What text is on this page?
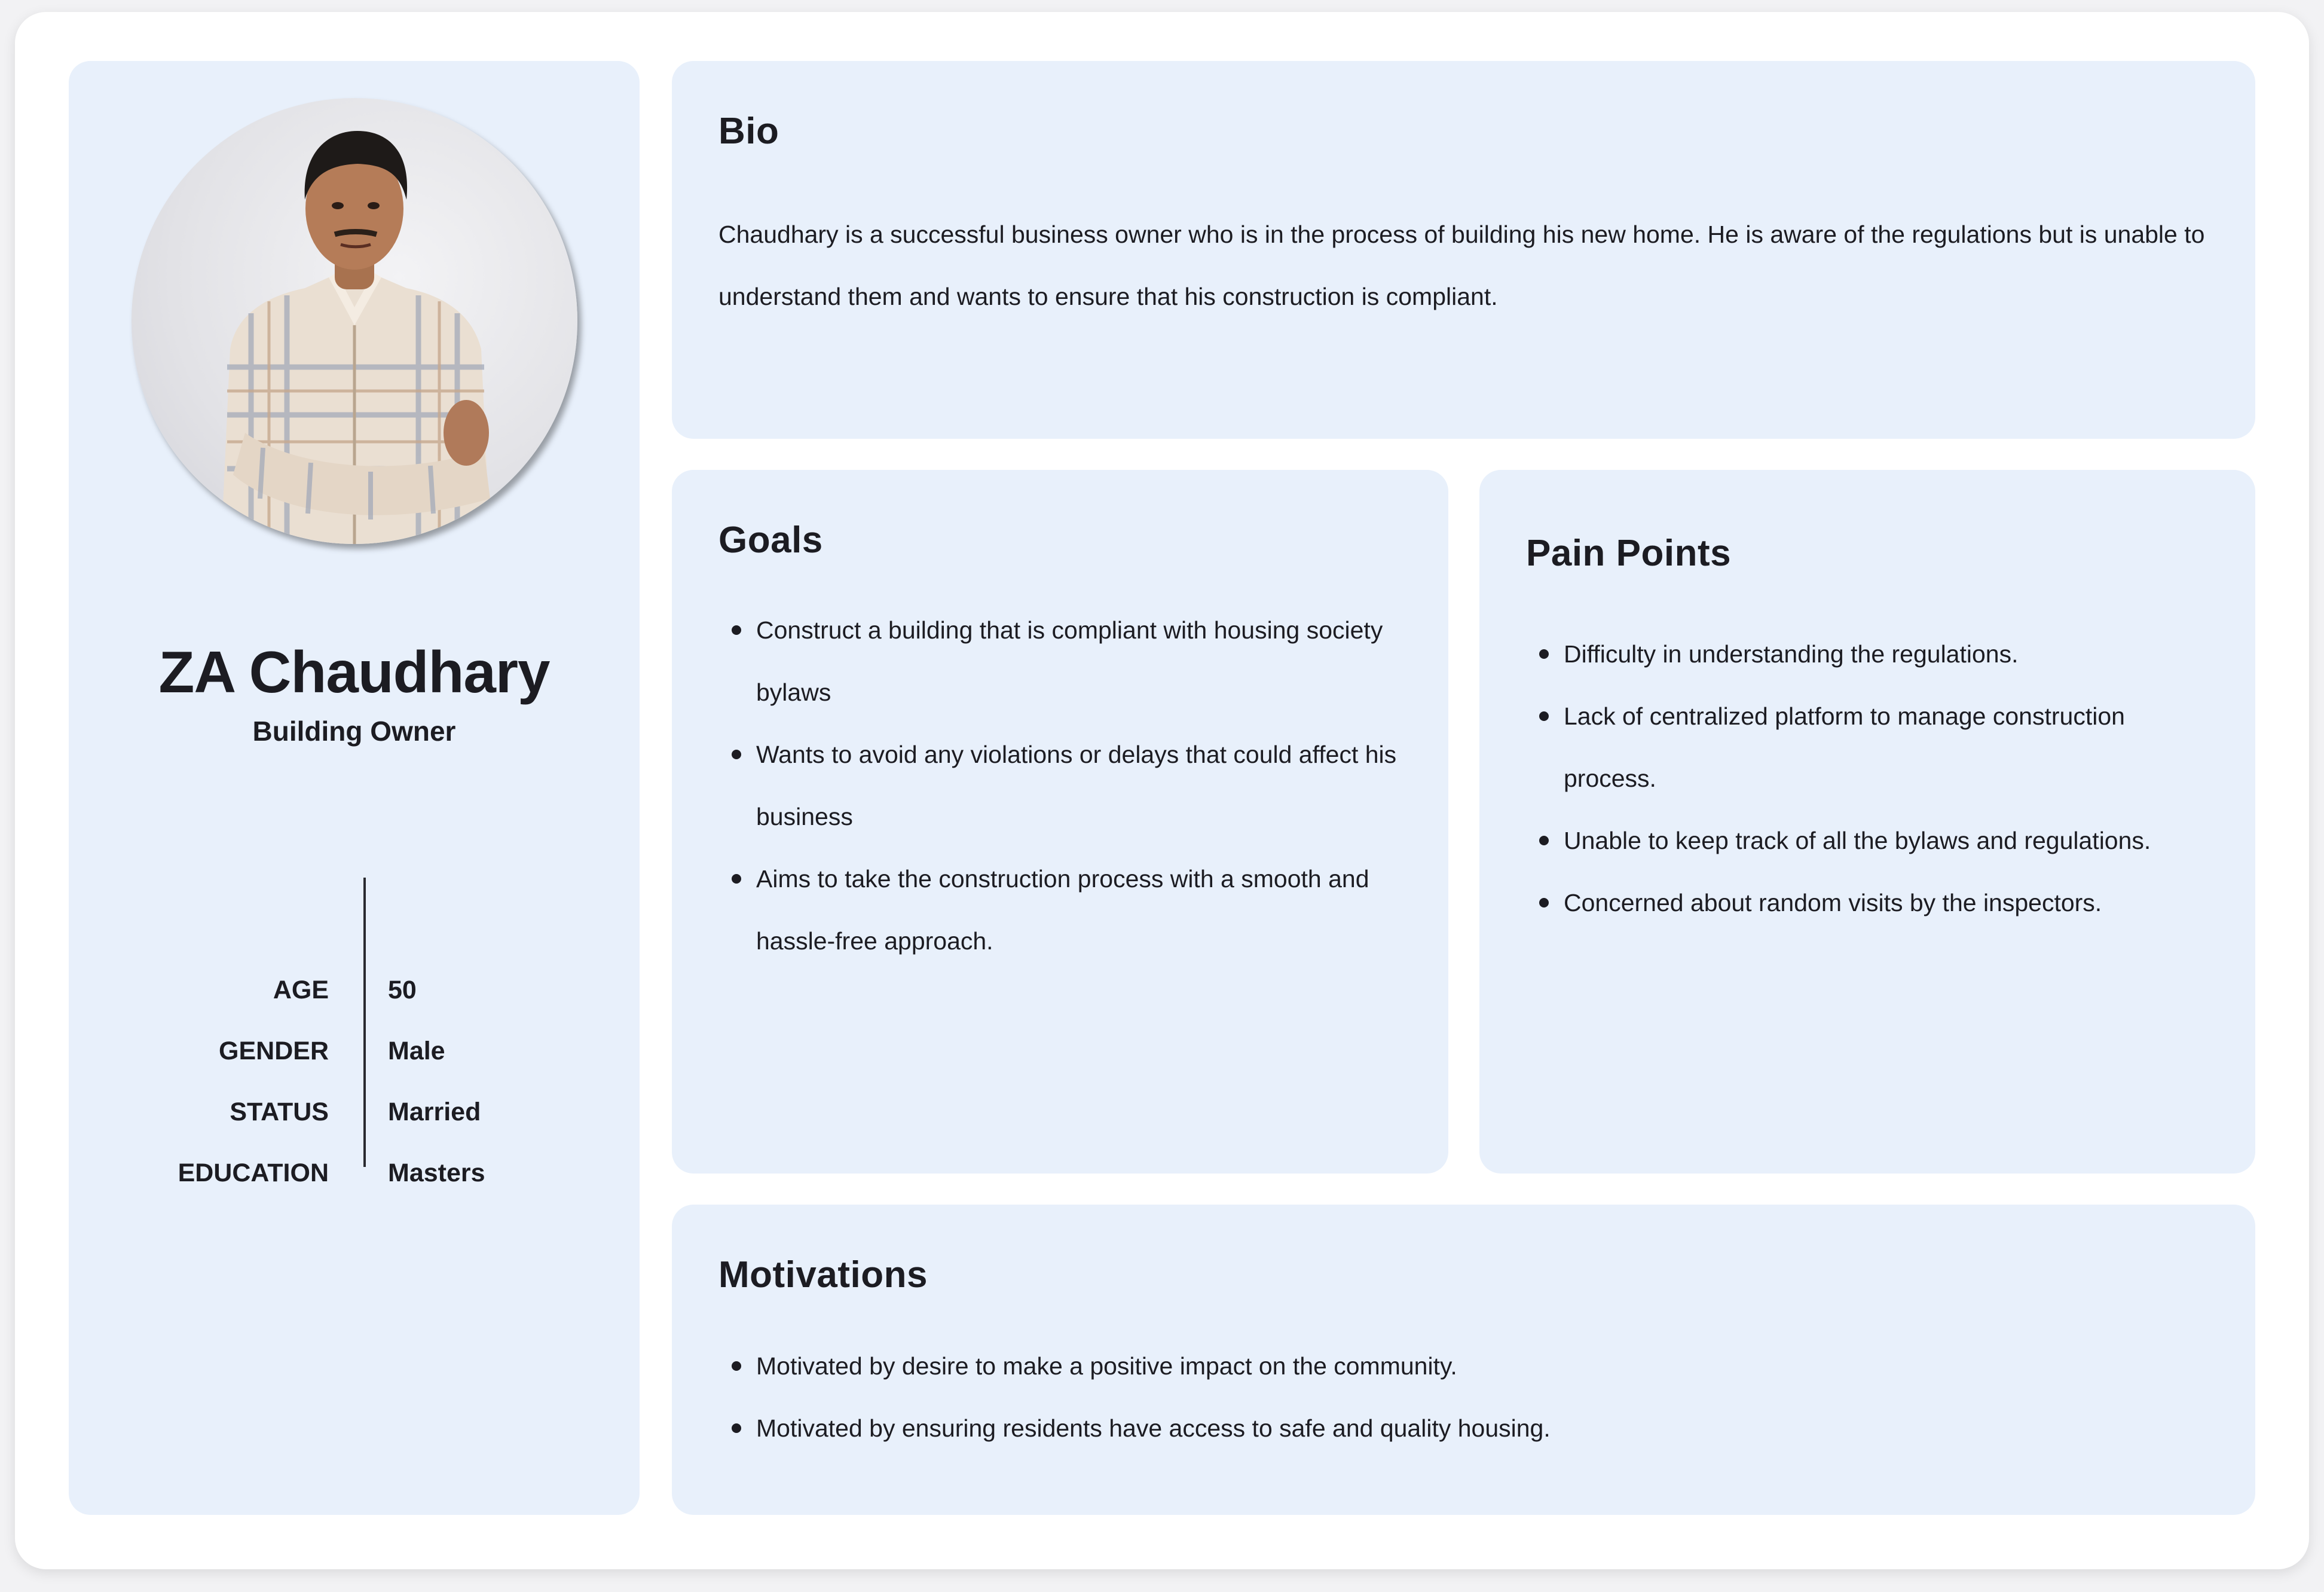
ZA Chaudhary
Building Owner
AGE 50
GENDER Male
STATUS Married
EDUCATION Masters
Bio

Chaudhary is a successful business owner who is in the process of building his new home. He is aware of the regulations but is unable to understand them and wants to ensure that his construction is compliant.

Goals
Construct a building that is compliant with housing society bylaws
Wants to avoid any violations or delays that could affect his business
Aims to take the construction process with a smooth and hassle-free approach.
Pain Points
Difficulty in understanding the regulations.
Lack of centralized platform to manage construction process.
Unable to keep track of all the bylaws and regulations.
Concerned about random visits by the inspectors.
Motivations
Motivated by desire to make a positive impact on the community.
Motivated by ensuring residents have access to safe and quality housing.
